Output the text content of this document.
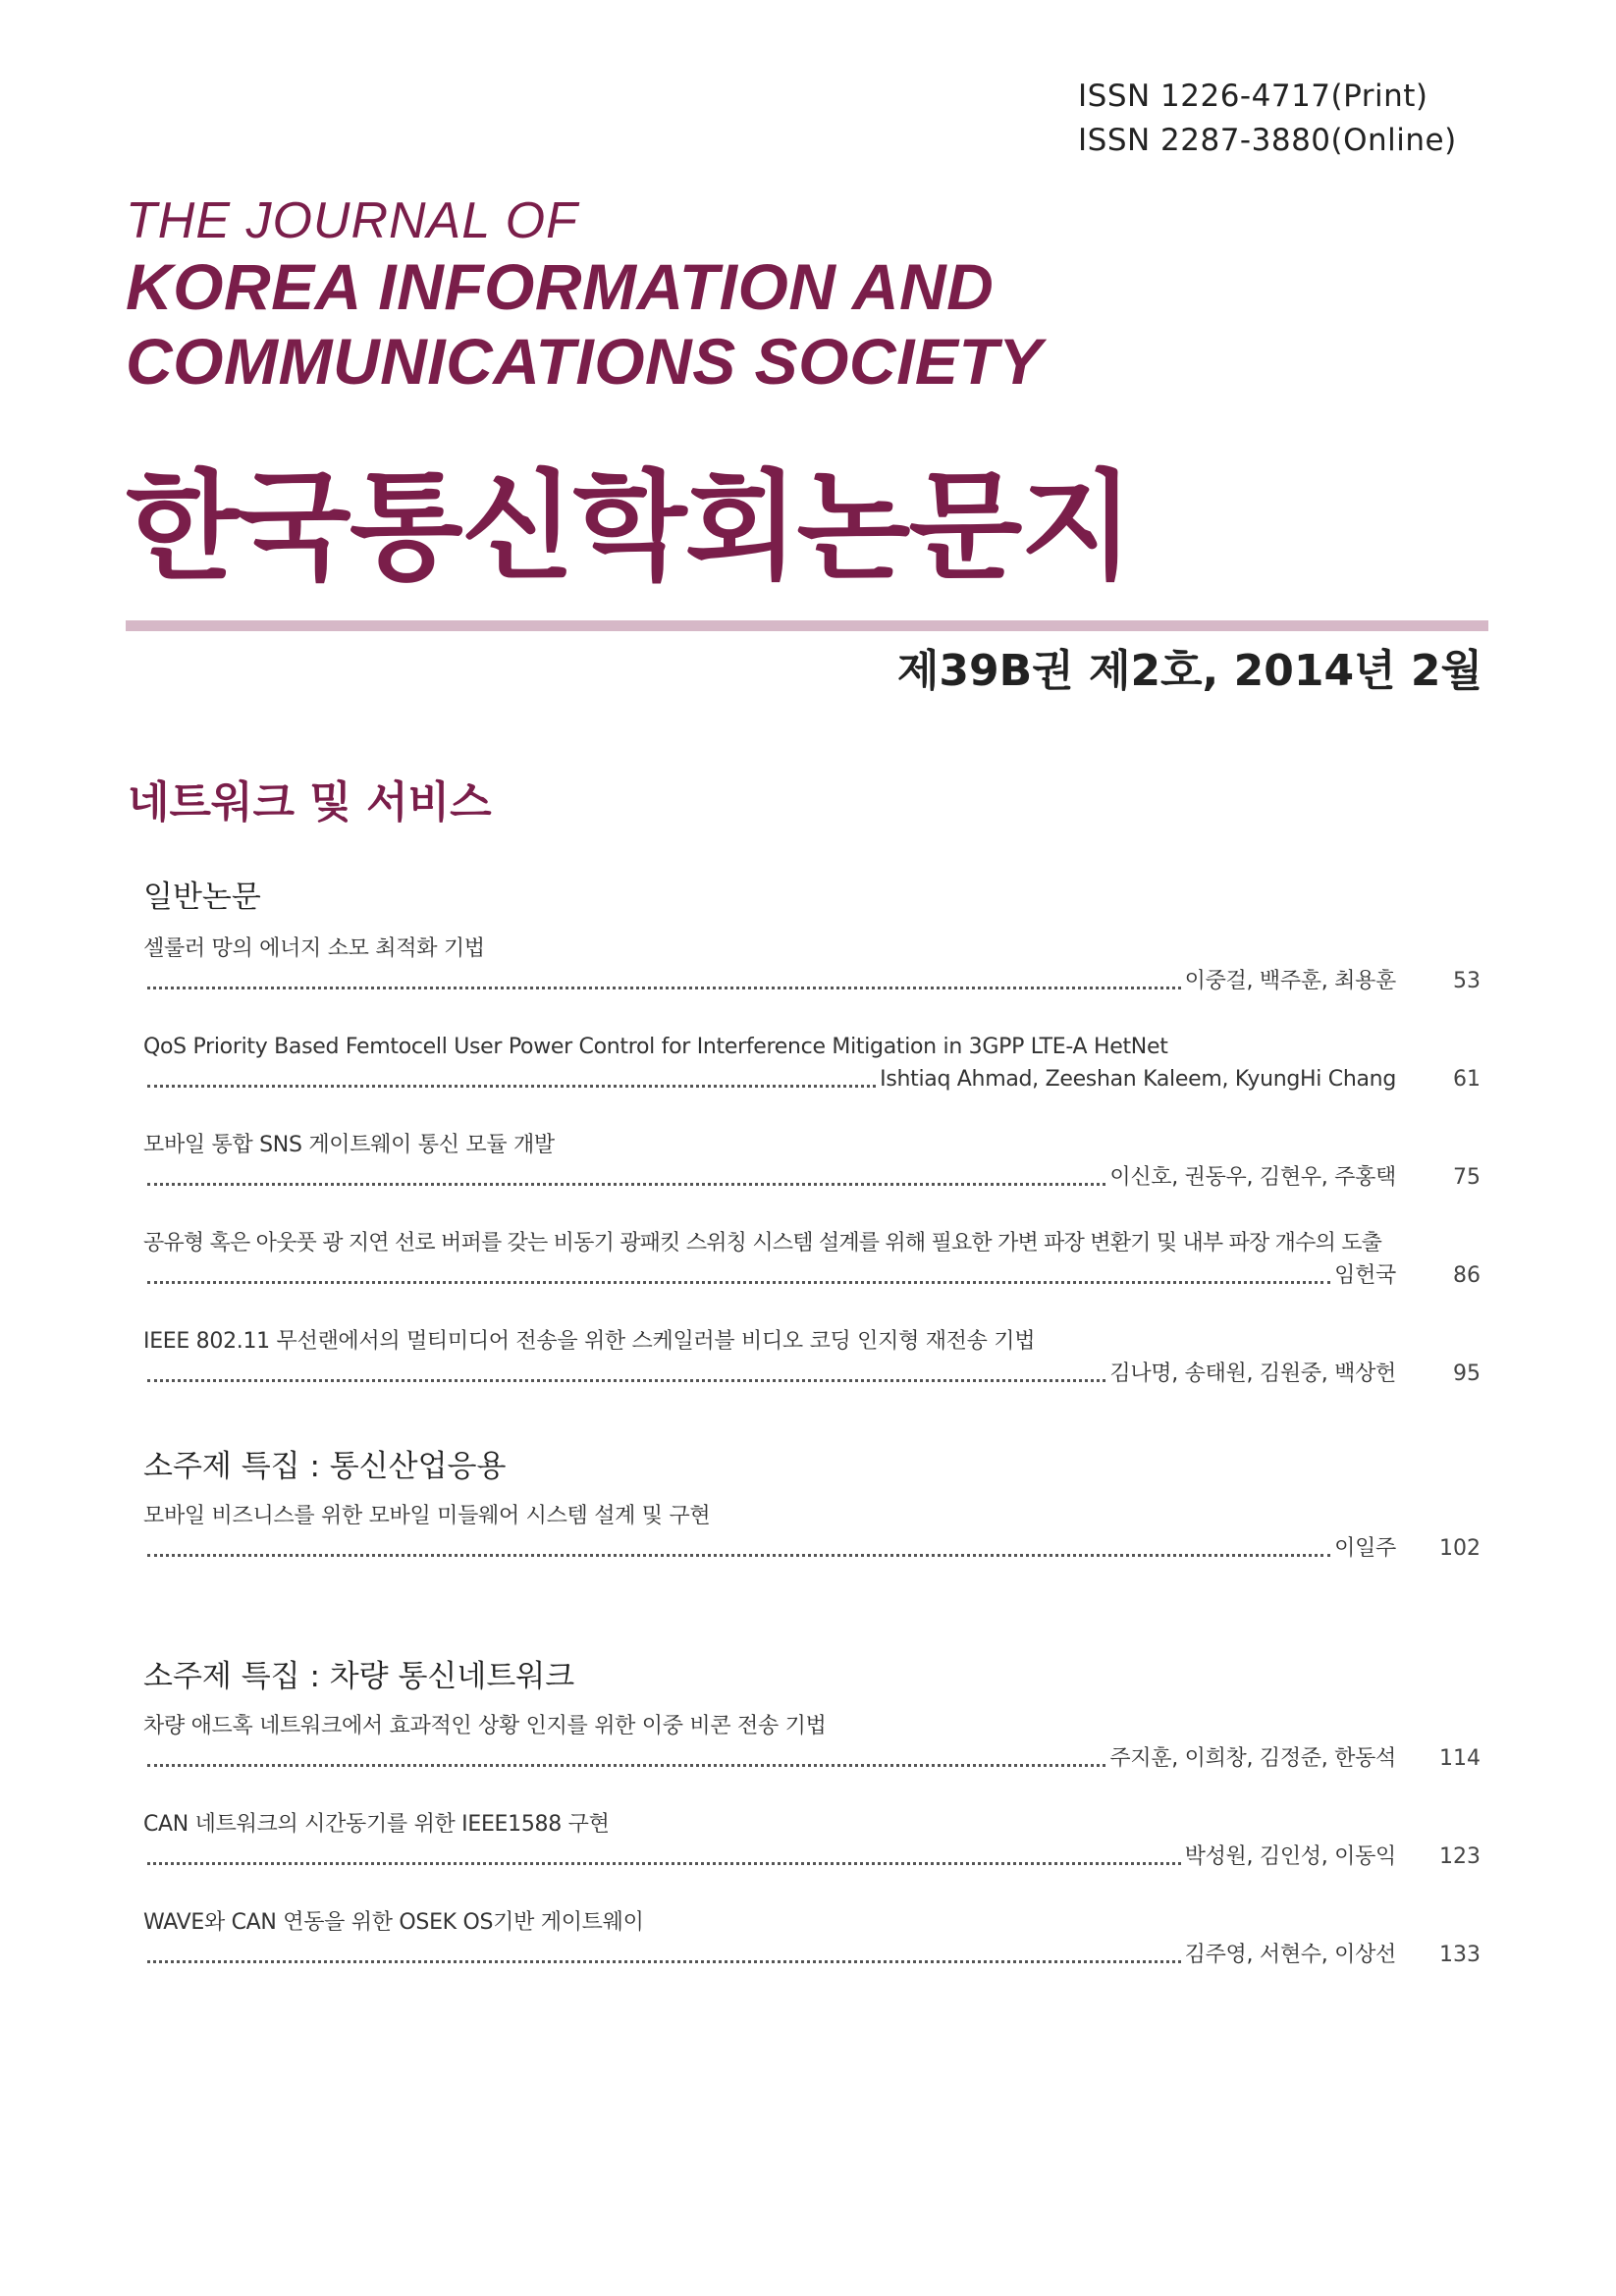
ISSN 1226-4717(Print)
ISSN 2287-3880(Online)
THE JOURNAL OF
KOREA INFORMATION AND
COMMUNICATIONS SOCIETY
한국통신학회논문지
제39B권 제2호, 2014년 2월
네트워크 및 서비스
일반논문
셀룰러 망의 에너지 소모 최적화 기법
이중걸, 백주훈, 최용훈	53
QoS Priority Based Femtocell User Power Control for Interference Mitigation in 3GPP LTE-A HetNet
Ishtiaq Ahmad, Zeeshan Kaleem, KyungHi Chang	61
모바일 통합 SNS 게이트웨이 통신 모듈 개발
이신호, 권동우, 김현우, 주홍택	75
공유형 혹은 아웃풋 광 지연 선로 버퍼를 갖는 비동기 광패킷 스위칭 시스템 설계를 위해 필요한 가변 파장 변환기 및 내부 파장 개수의 도출
임헌국	86
IEEE 802.11 무선랜에서의 멀티미디어 전송을 위한 스케일러블 비디오 코딩 인지형 재전송 기법
김나명, 송태원, 김원중, 백상헌	95
소주제 특집 : 통신산업응용
모바일 비즈니스를 위한 모바일 미들웨어 시스템 설계 및 구현
이일주	102
소주제 특집 : 차량 통신네트워크
차량 애드혹 네트워크에서 효과적인 상황 인지를 위한 이중 비콘 전송 기법
주지훈, 이희창, 김정준, 한동석	114
CAN 네트워크의 시간동기를 위한 IEEE1588 구현
박성원, 김인성, 이동익	123
WAVE와 CAN 연동을 위한 OSEK OS기반 게이트웨이
김주영, 서현수, 이상선	133
